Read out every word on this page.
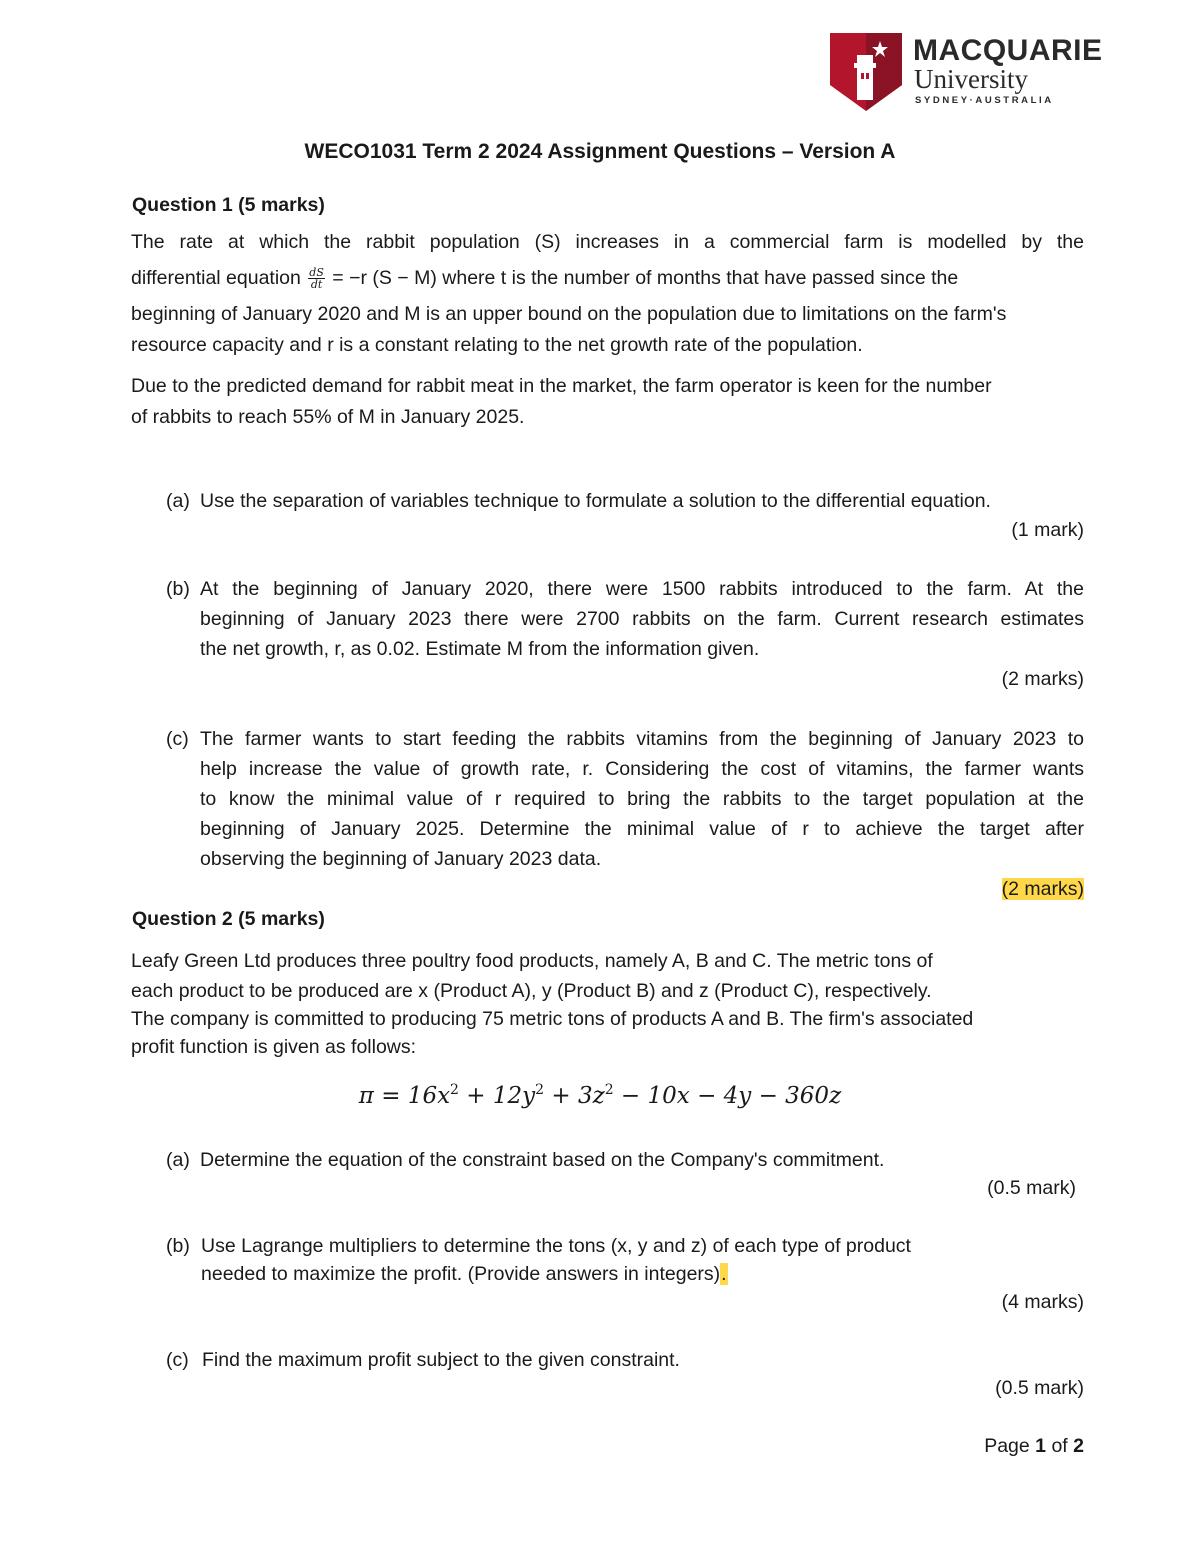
MACQUARIE
University
SYDNEY·AUSTRALIA
WECO1031 Term 2 2024 Assignment Questions – Version A
Question 1 (5 marks)
The rate at which the rabbit population (S) increases in a commercial farm is modelled by the
differential equation $\frac{dS}{dt} = -r$ (S − M) where t is the number of months that have passed since the
beginning of January 2020 and M is an upper bound on the population due to limitations on the farm's
resource capacity and r is a constant relating to the net growth rate of the population.
Due to the predicted demand for rabbit meat in the market, the farm operator is keen for the number
of rabbits to reach 55% of M in January 2025.
(a) Use the separation of variables technique to formulate a solution to the differential equation.
(1 mark)
(b) At the beginning of January 2020, there were 1500 rabbits introduced to the farm. At the
beginning of January 2023 there were 2700 rabbits on the farm. Current research estimates
the net growth, r, as 0.02. Estimate M from the information given.
(2 marks)
(c) The farmer wants to start feeding the rabbits vitamins from the beginning of January 2023 to
help increase the value of growth rate, r. Considering the cost of vitamins, the farmer wants
to know the minimal value of r required to bring the rabbits to the target population at the
beginning of January 2025. Determine the minimal value of r to achieve the target after
observing the beginning of January 2023 data.
(2 marks)
Question 2 (5 marks)
Leafy Green Ltd produces three poultry food products, namely A, B and C. The metric tons of
each product to be produced are x (Product A), y (Product B) and z (Product C), respectively.
The company is committed to producing 75 metric tons of products A and B. The firm's associated
profit function is given as follows:
$\pi = 16x^2 + 12y^2 + 3z^2 - 10x - 4y - 360z$
(a) Determine the equation of the constraint based on the Company's commitment.
(0.5 mark)
(b) Use Lagrange multipliers to determine the tons (x, y and z) of each type of product
needed to maximize the profit. (Provide answers in integers).
(4 marks)
(c) Find the maximum profit subject to the given constraint.
(0.5 mark)
Page 1 of 2
